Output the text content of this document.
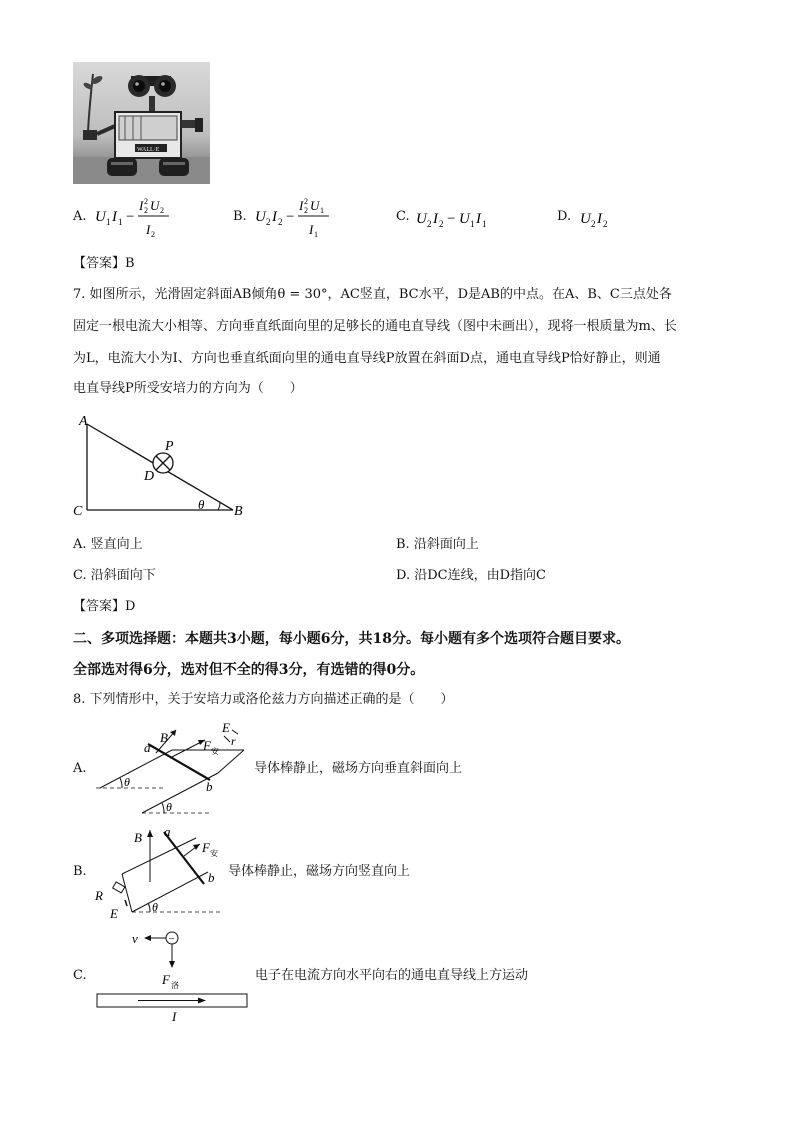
WALL·E
A. U 1 I 1 −
I 2
2 U 2
I 2
B. U 2 I 2 −
I 2
2 U 1
I 1
C. U 2 I 2 − U 1 I 1	D. U 2 I 2
【答案】B
7. 如图所示，光滑固定斜面AB倾角θ = 30°，AC竖直，BC水平，D是AB的中点。在A、B、C三点处各
固定一根电流大小相等、方向垂直纸面向里的足够长的通电直导线（图中未画出），现将一根质量为m、长
为L，电流大小为I、方向也垂直纸面向里的通电直导线P放置在斜面D点，通电直导线P恰好静止，则通
电直导线P所受安培力的方向为（　　）
A
C	B
D
P
θ
A. 竖直向上	B. 沿斜面向上
C. 沿斜面向下	D. 沿DC连线，由D指向C
【答案】D
二、多项选择题：本题共3小题，每小题6分，共18分。每小题有多个选项符合题目要求。
全部选对得6分，选对但不全的得3分，有选错的得0分。
8. 下列情形中，关于安培力或洛伦兹力方向描述正确的是（　　）
A.
B
a
b
E
r
F 安
θ
θ
导体棒静止，磁场方向垂直斜面向上
B.
B a
b
R
E
F 安
θ
导体棒静止，磁场方向竖直向上
C.
−
v
F 洛
I
电子在电流方向水平向右的通电直导线上方运动
